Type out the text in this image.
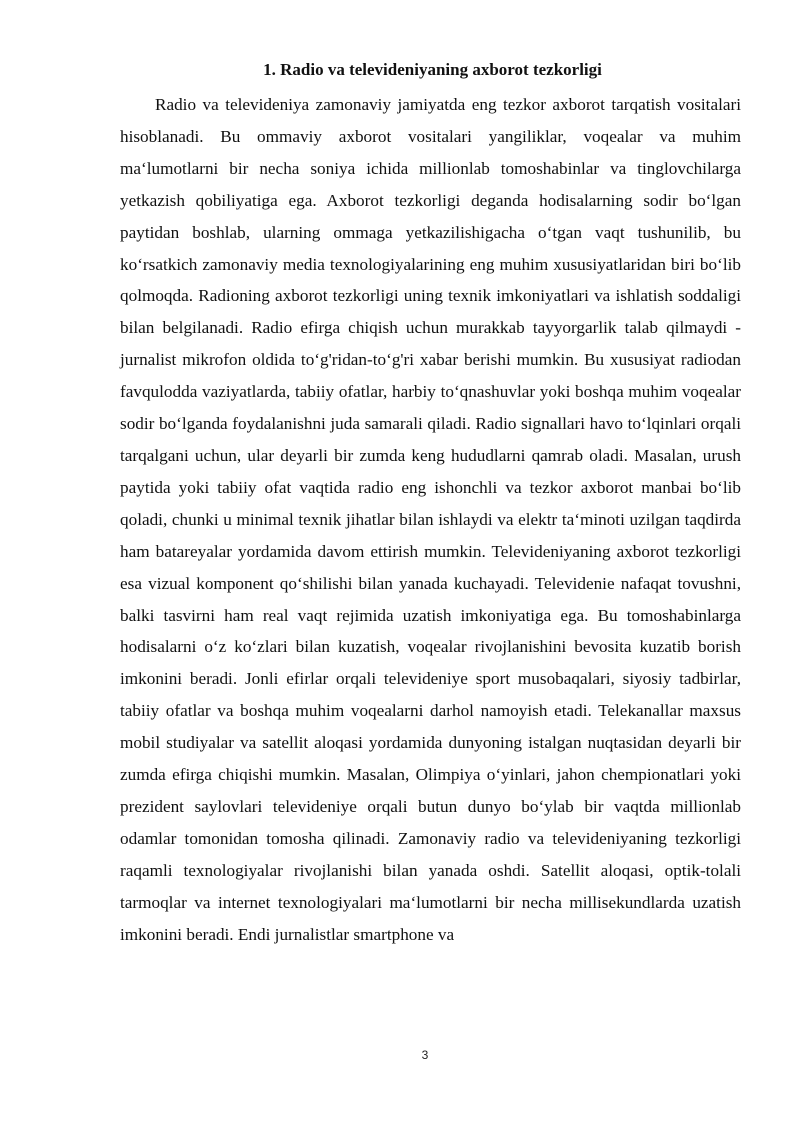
1. Radio va televideniyaning axborot tezkorligi

Radio va televideniya zamonaviy jamiyatda eng tezkor axborot tarqatish vositalari hisoblanadi. Bu ommaviy axborot vositalari yangiliklar, voqealar va muhim maʻlumotlarni bir necha soniya ichida millionlab tomoshabinlar va tinglovchilarga yetkazish qobiliyatiga ega. Axborot tezkorligi deganda hodisalarning sodir boʻlgan paytidan boshlab, ularning ommaga yetkazilishigacha oʻtgan vaqt tushunilib, bu koʻrsatkich zamonaviy media texnologiyalarining eng muhim xususiyatlaridan biri boʻlib qolmoqda. Radioning axborot tezkorligi uning texnik imkoniyatlari va ishlatish soddaligi bilan belgilanadi. Radio efirga chiqish uchun murakkab tayyorgarlik talab qilmaydi - jurnalist mikrofon oldida toʻg'ridan-toʻg'ri xabar berishi mumkin. Bu xususiyat radiodan favqulodda vaziyatlarda, tabiiy ofatlar, harbiy toʻqnashuvlar yoki boshqa muhim voqealar sodir boʻlganda foydalanishni juda samarali qiladi. Radio signallari havo toʻlqinlari orqali tarqalgani uchun, ular deyarli bir zumda keng hududlarni qamrab oladi. Masalan, urush paytida yoki tabiiy ofat vaqtida radio eng ishonchli va tezkor axborot manbai boʻlib qoladi, chunki u minimal texnik jihatlar bilan ishlaydi va elektr taʻminoti uzilgan taqdirda ham batareyalar yordamida davom ettirish mumkin. Televideniyaning axborot tezkorligi esa vizual komponent qoʻshilishi bilan yanada kuchayadi. Televidenie nafaqat tovushni, balki tasvirni ham real vaqt rejimida uzatish imkoniyatiga ega. Bu tomoshabinlarga hodisalarni oʻz koʻzlari bilan kuzatish, voqealar rivojlanishini bevosita kuzatib borish imkonini beradi. Jonli efirlar orqali televideniye sport musobaqalari, siyosiy tadbirlar, tabiiy ofatlar va boshqa muhim voqealarni darhol namoyish etadi. Telekanallar maxsus mobil studiyalar va satellit aloqasi yordamida dunyoning istalgan nuqtasidan deyarli bir zumda efirga chiqishi mumkin. Masalan, Olimpiya oʻyinlari, jahon chempionatlari yoki prezident saylovlari televideniye orqali butun dunyo boʻylab bir vaqtda millionlab odamlar tomonidan tomosha qilinadi. Zamonaviy radio va televideniyaning tezkorligi raqamli texnologiyalar rivojlanishi bilan yanada oshdi. Satellit aloqasi, optik-tolali tarmoqlar va internet texnologiyalari maʻlumotlarni bir necha millisekundlarda uzatish imkonini beradi. Endi jurnalistlar smartphone va

3
